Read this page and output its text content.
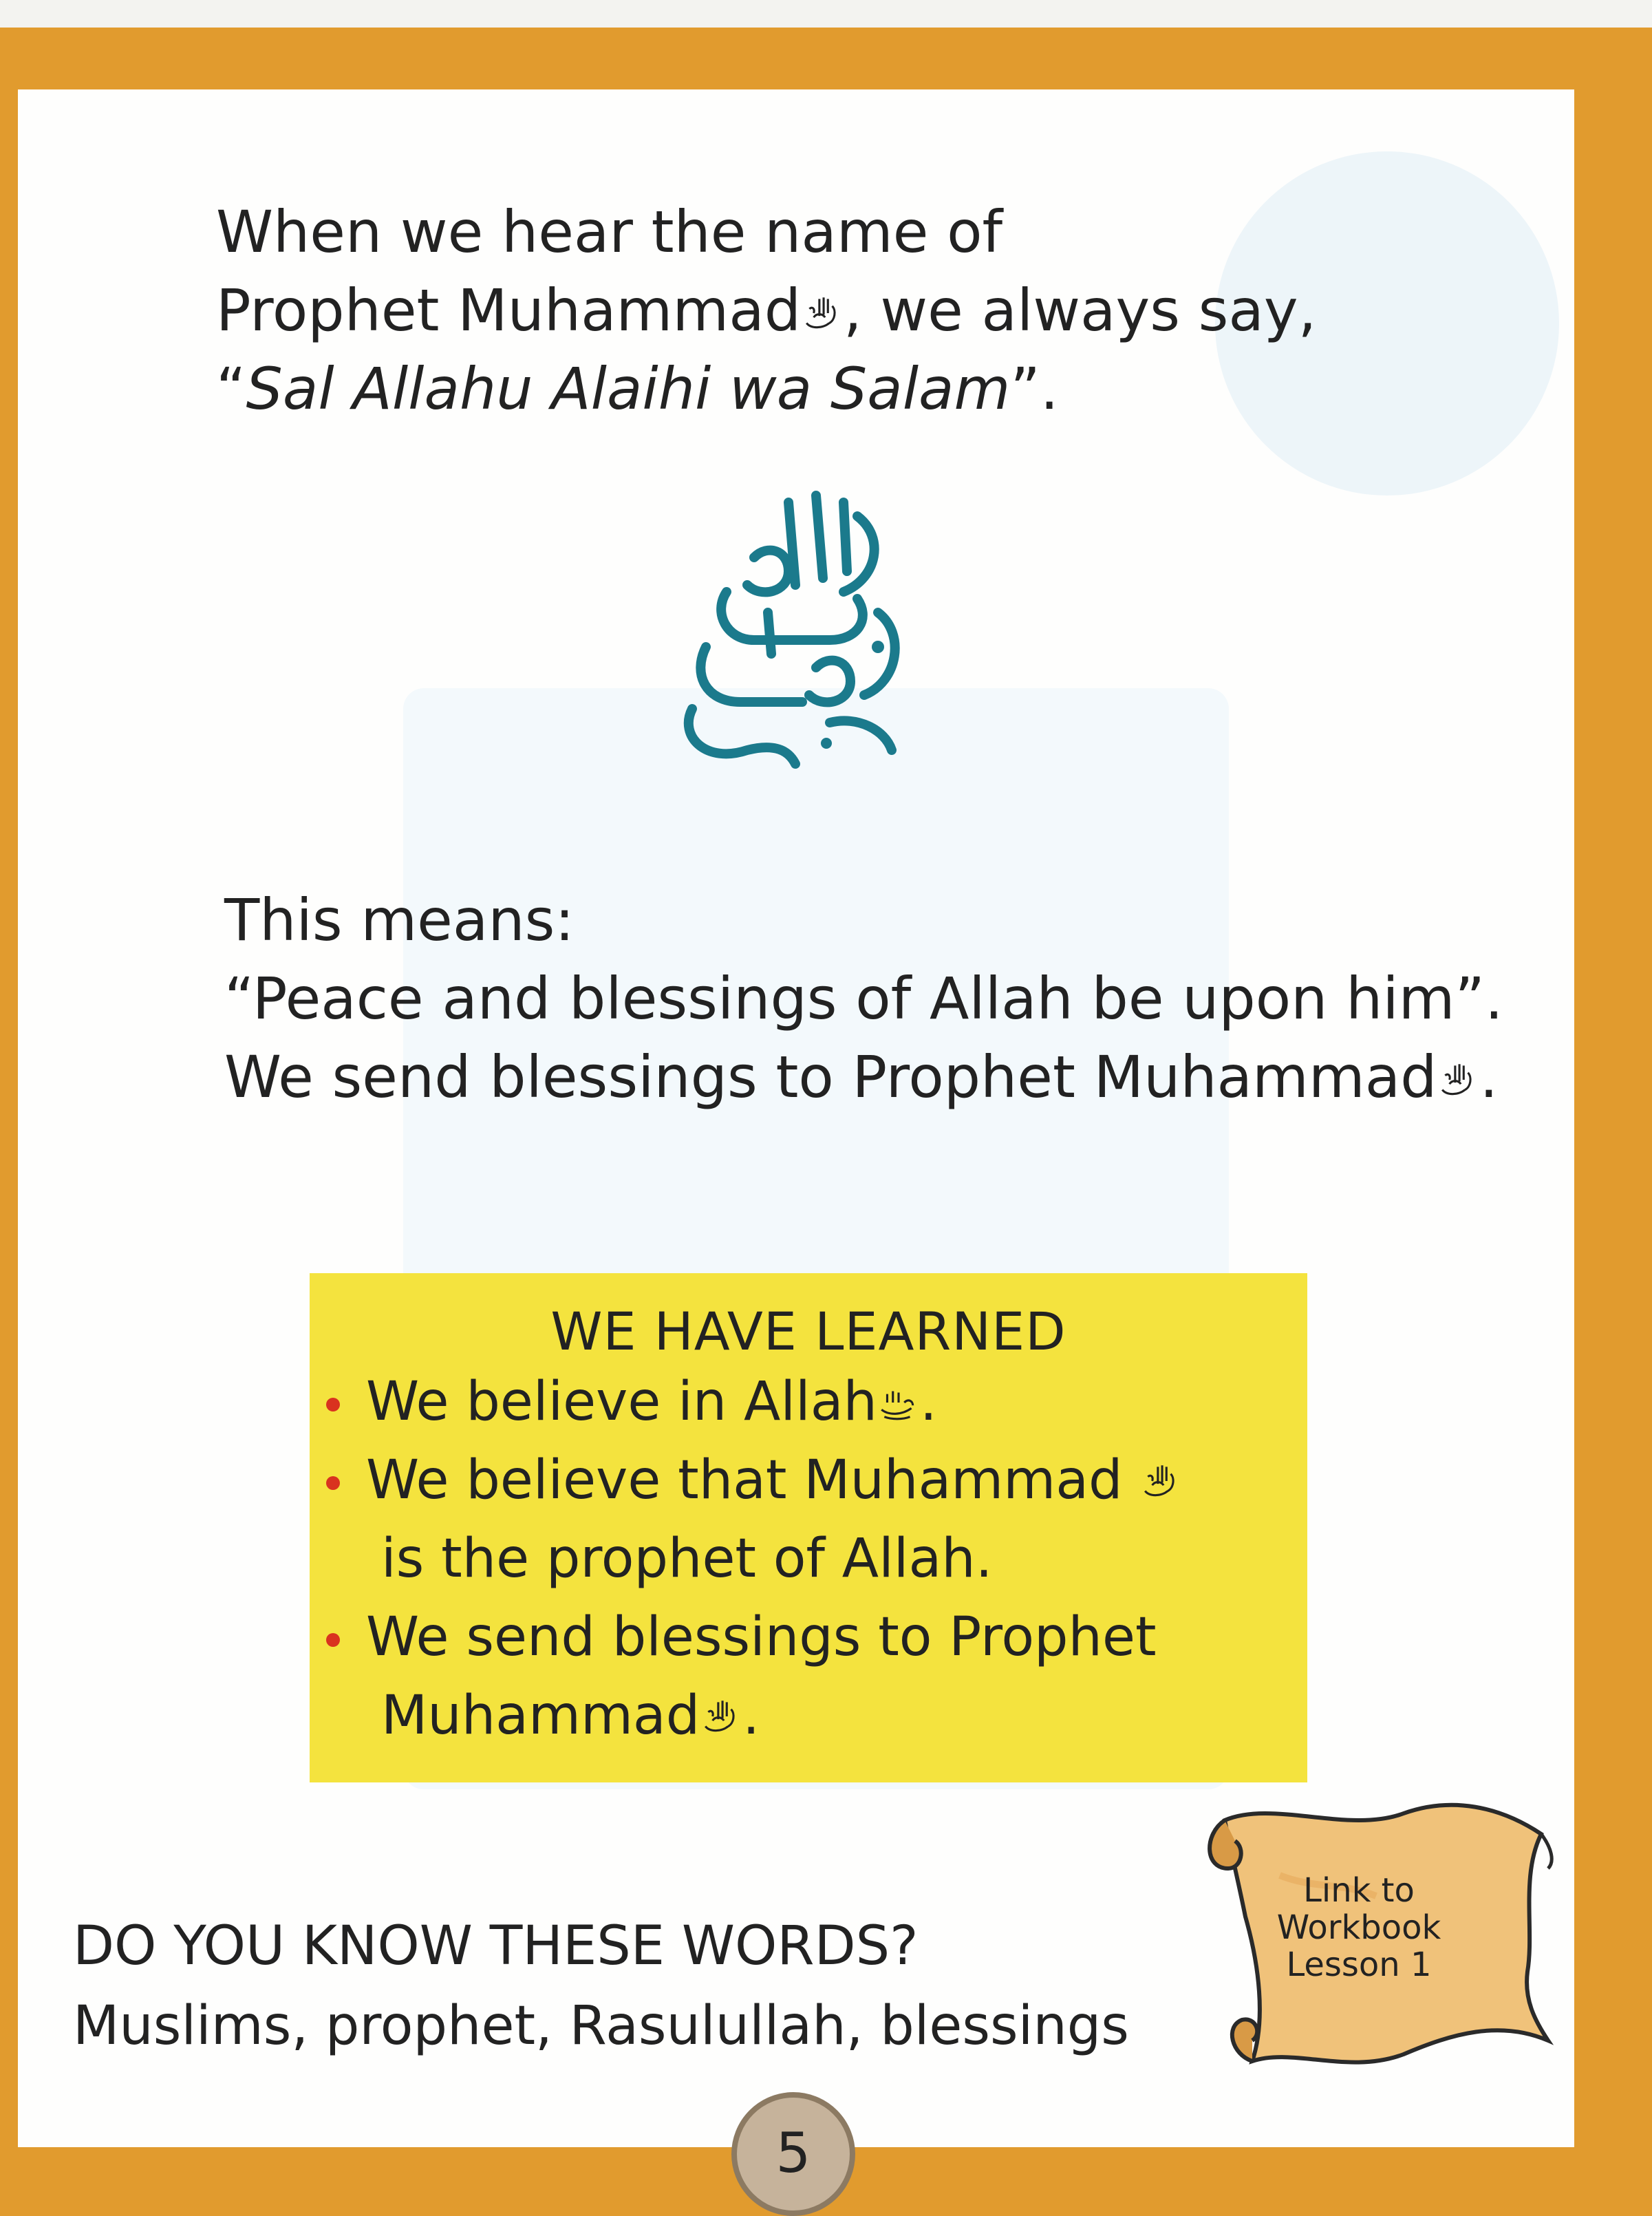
When we hear the name of
Prophet Muhammad , we always say,
“Sal Allahu Alaihi wa Salam”.
This means:
“Peace and blessings of Allah be upon him”.
We send blessings to Prophet Muhammad .
WE HAVE LEARNED
We believe in Allah .
We believe that Muhammad
is the prophet of Allah.
We send blessings to Prophet
Muhammad .
DO YOU KNOW THESE WORDS?
Muslims, prophet, Rasulullah, blessings
Link to
Workbook
Lesson 1
5
